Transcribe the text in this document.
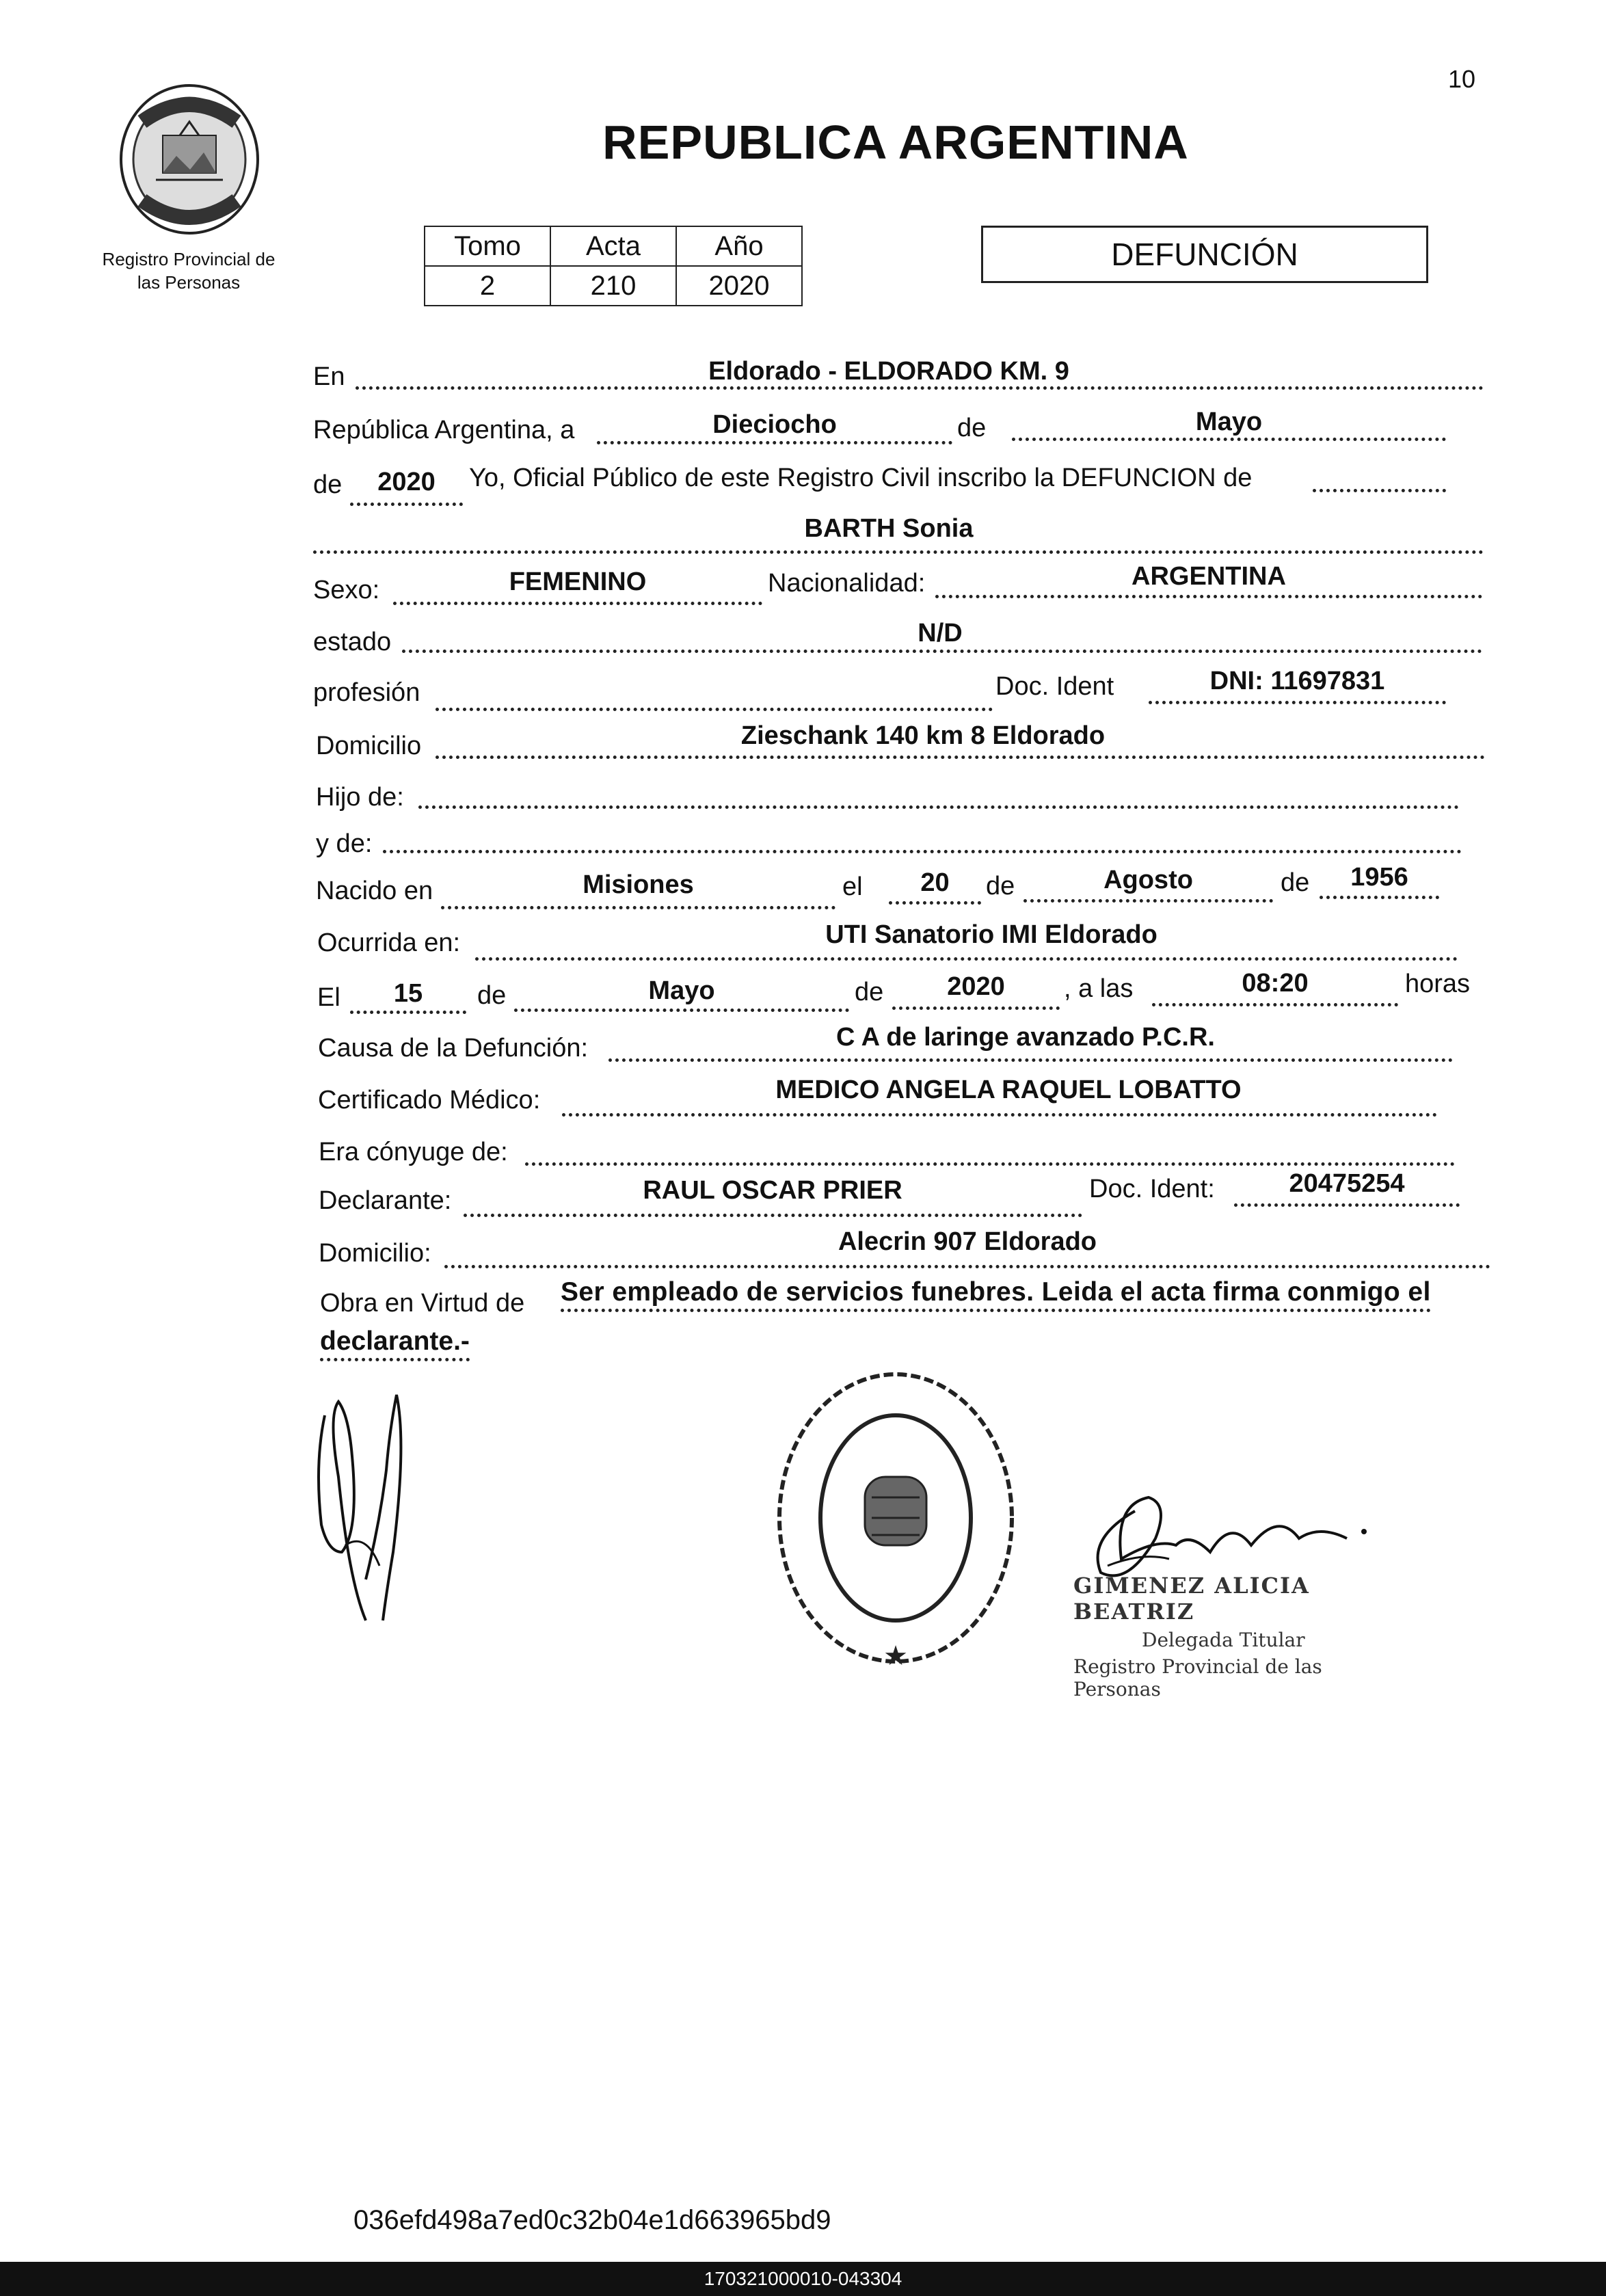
10
Registro Provincial de
las Personas
REPUBLICA ARGENTINA
Tomo	Acta	Año
2	210	2020
DEFUNCIÓN
En	Eldorado - ELDORADO KM. 9
República Argentina, a	Dieciocho	de	Mayo
de	2020	Yo, Oficial Público de este Registro Civil inscribo la DEFUNCION de
BARTH Sonia
Sexo:	FEMENINO	Nacionalidad:	ARGENTINA
estado	N/D
profesión	Doc. Ident	DNI: 11697831
Domicilio	Zieschank 140 km 8 Eldorado
Hijo de:
y de:
Nacido en	Misiones	el	20	de	Agosto	de	1956
Ocurrida en:	UTI Sanatorio IMI Eldorado
El	15	de	Mayo	de	2020	, a las	08:20	horas
Causa de la Defunción:	C A de laringe avanzado P.C.R.
Certificado Médico:	MEDICO ANGELA RAQUEL LOBATTO
Era cónyuge de:
Declarante:	RAUL OSCAR PRIER	Doc. Ident:	20475254
Domicilio:	Alecrin 907 Eldorado
Obra en Virtud de Ser empleado de servicios funebres. Leida el acta firma conmigo el
declarante.-
★
GIMENEZ ALICIA BEATRIZ
Delegada Titular
Registro Provincial de las Personas
036efd498a7ed0c32b04e1d663965bd9
170321000010-043304
